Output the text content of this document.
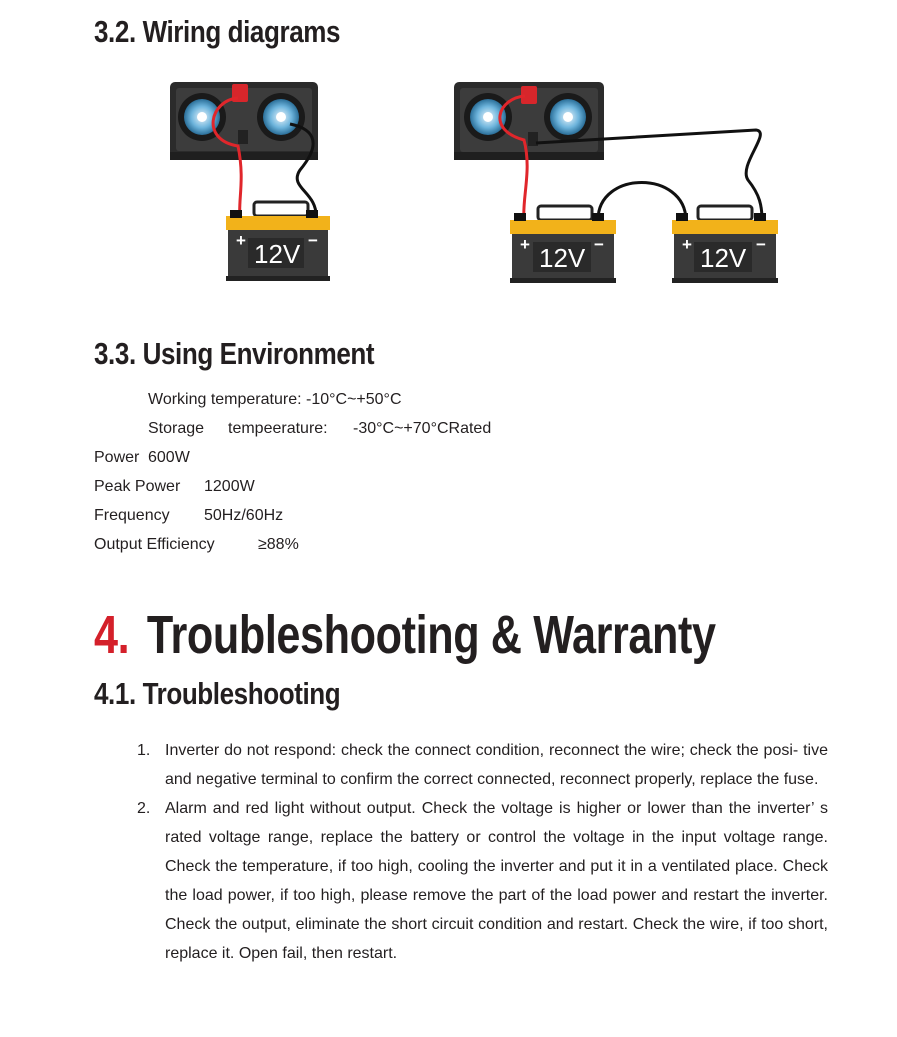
3.2. Wiring diagrams
+	−
12V	+	−
12V	+	−
12V
3.3. Using Environment
Working temperature: -10°C~+50°C
Storage tempeerature: -30°C~+70°CRated
Power 600W
Peak Power 1200W
Frequency 50Hz/60Hz
Output Efficiency	≥88%
4. Troubleshooting & Warranty
4.1. Troubleshooting
1. Inverter do not respond: check the connect condition, reconnect the wire; check the posi- tive and negative terminal to confirm the correct connected, reconnect properly, replace the fuse.
2. Alarm and red light without output. Check the voltage is higher or lower than the inverter’ s rated voltage range, replace the battery or control the voltage in the input voltage range. Check the temperature, if too high, cooling the inverter and put it in a ventilated place. Check the load power, if too high, please remove the part of the load power and restart the inverter. Check the output, eliminate the short circuit condition and restart. Check the wire, if too short, replace it. Open fail, then restart.
